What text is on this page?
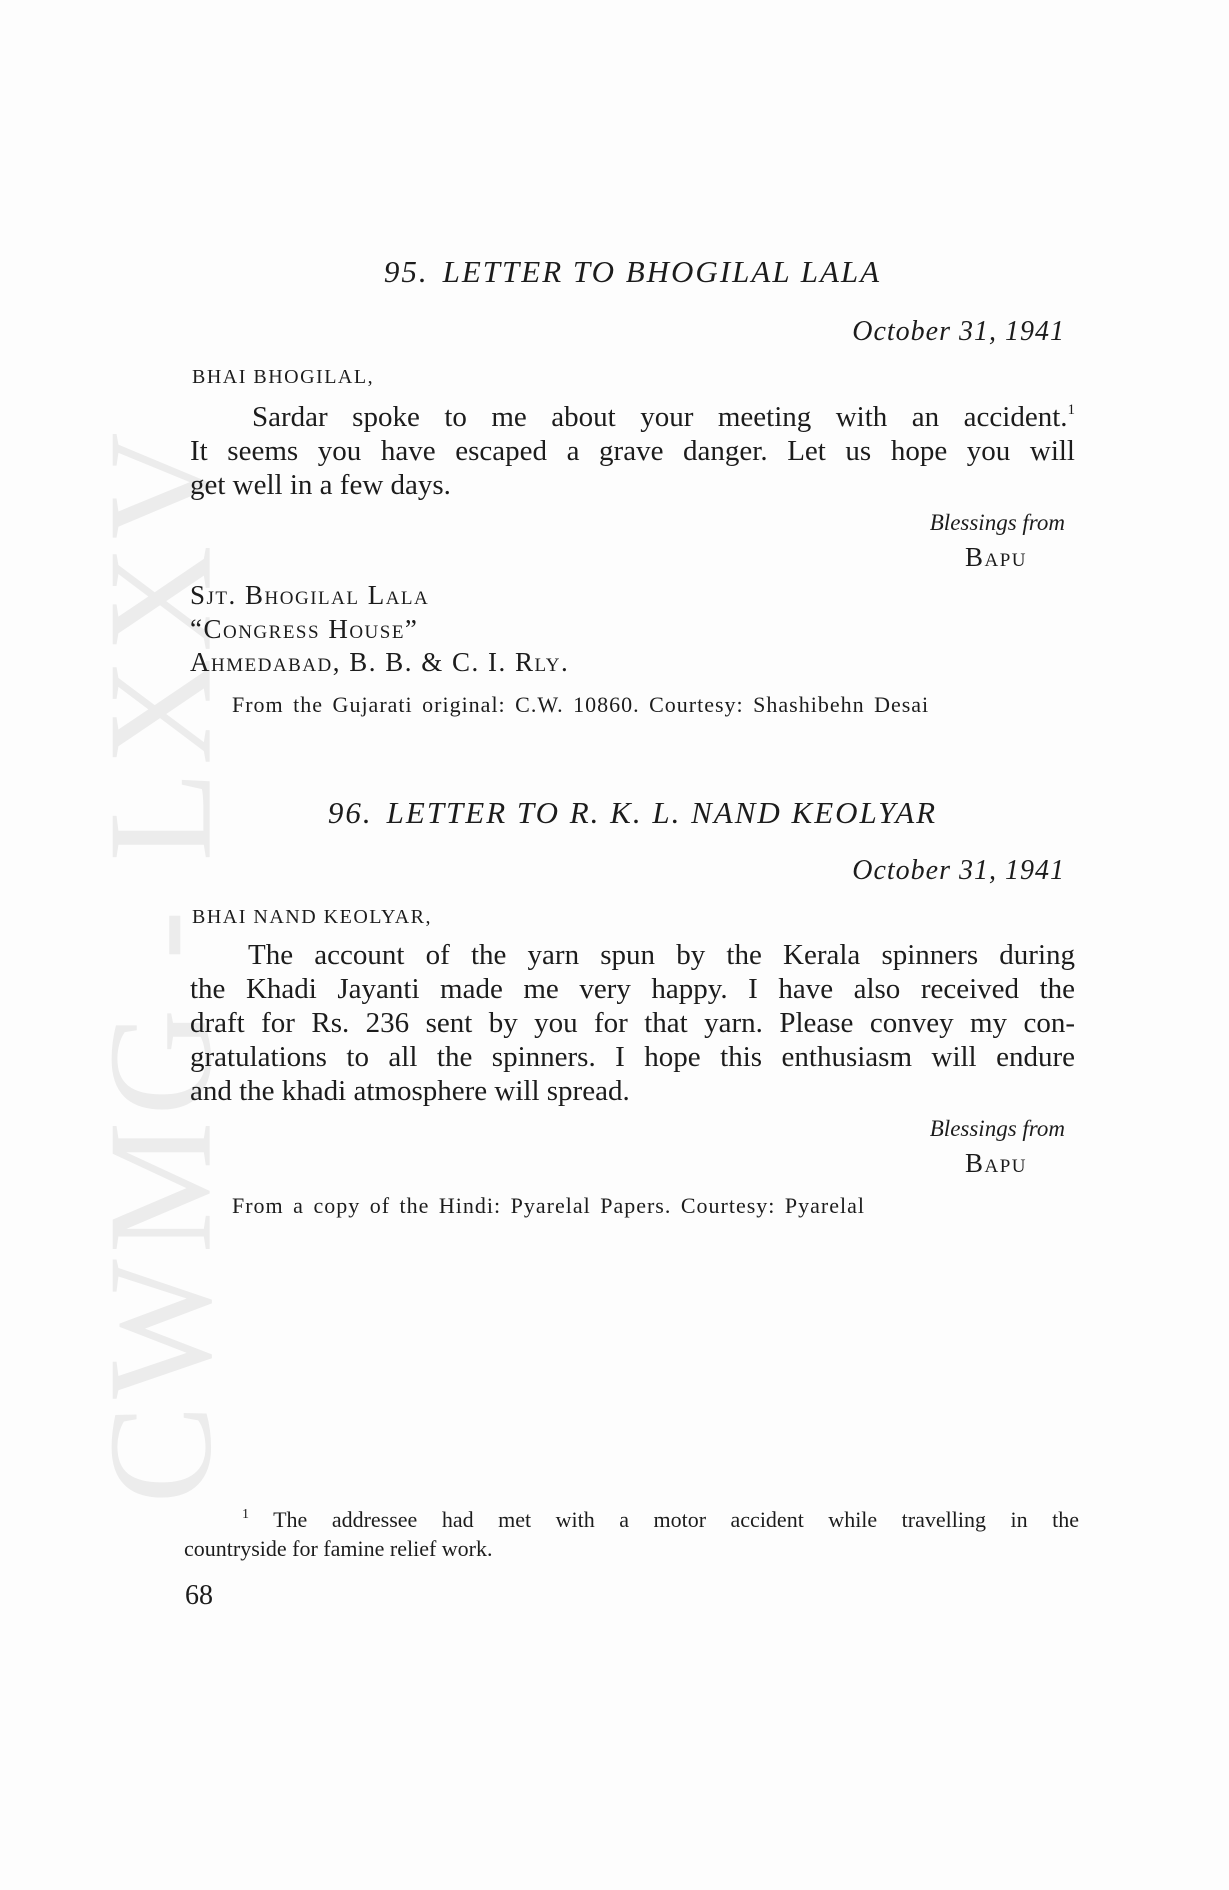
CWMG - LXXV
95. LETTER TO BHOGILAL LALA
October 31, 1941
BHAI BHOGILAL,
Sardar spoke to me about your meeting with an accident.$^1$
It seems you have escaped a grave danger. Let us hope you will
get well in a few days.
Blessings from
Bapu
Sjt. Bhogilal Lala
“Congress House”
Ahmedabad, B. B. & C. I. Rly.
From the Gujarati original: C.W. 10860. Courtesy: Shashibehn Desai
96. LETTER TO R. K. L. NAND KEOLYAR
October 31, 1941
BHAI NAND KEOLYAR,
The account of the yarn spun by the Kerala spinners during
the Khadi Jayanti made me very happy. I have also received the
draft for Rs. 236 sent by you for that yarn. Please convey my con-
gratulations to all the spinners. I hope this enthusiasm will endure
and the khadi atmosphere will spread.
Blessings from
Bapu
From a copy of the Hindi: Pyarelal Papers. Courtesy: Pyarelal
$^1$ The addressee had met with a motor accident while travelling in the
countryside for famine relief work.
68
